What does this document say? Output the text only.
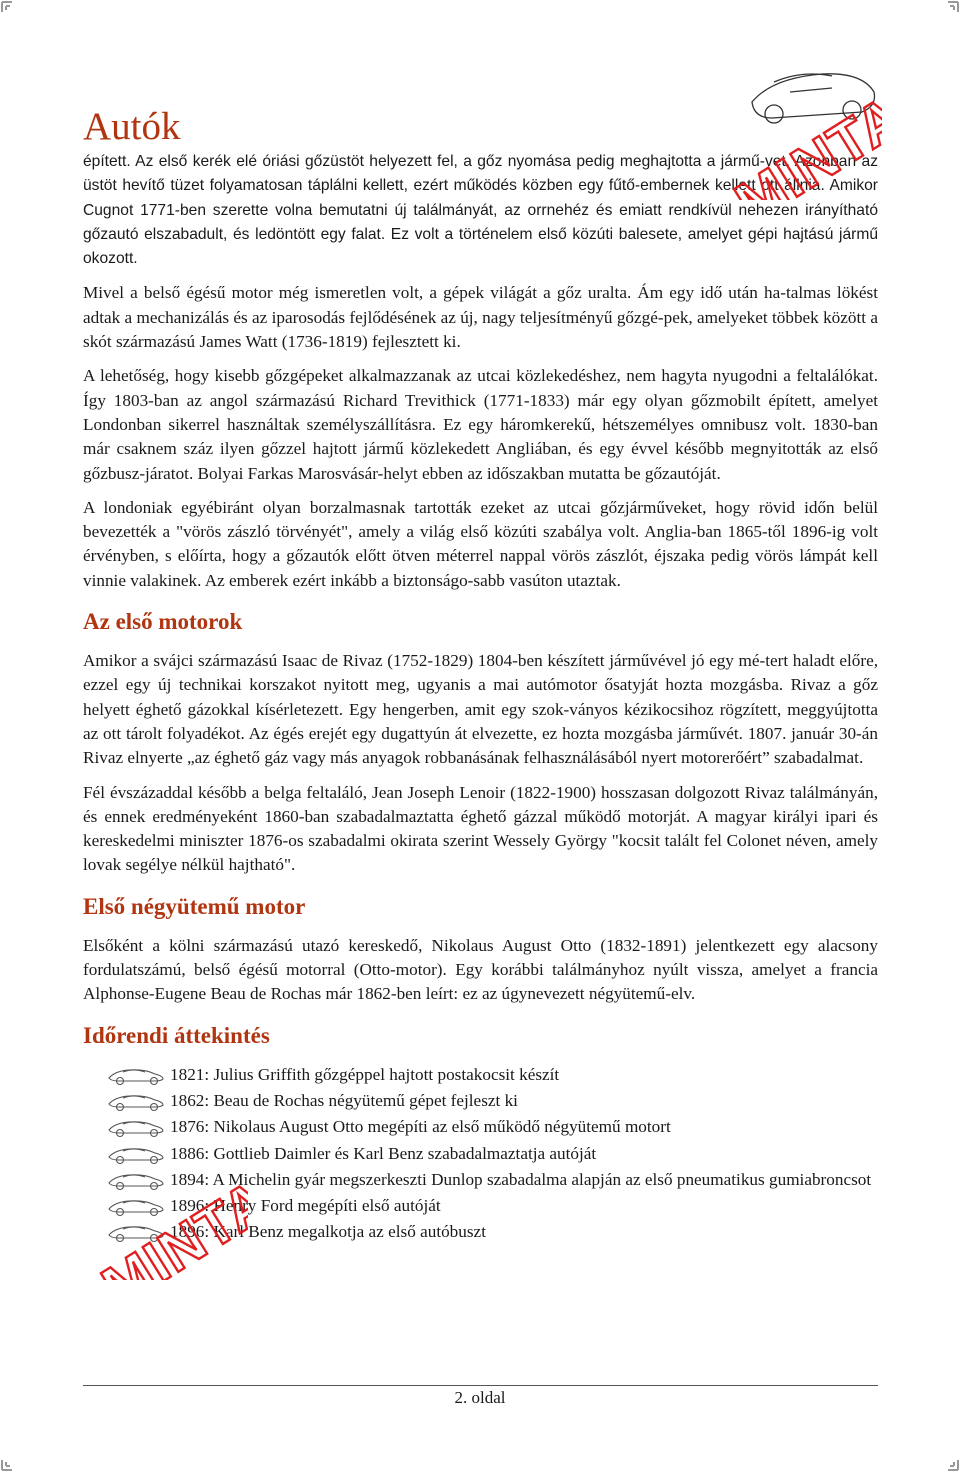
Autók

épített. Az első kerék elé óriási gőzüstöt helyezett fel, a gőz nyomása pedig meghajtotta a jármű-vet. Azonban az üstöt hevítő tüzet folyamatosan táplálni kellett, ezért működés közben egy fűtő-embernek kellett ott állnia. Amikor Cugnot 1771-ben szerette volna bemutatni új találmányát, az orrnehéz és emiatt rendkívül nehezen irányítható gőzautó elszabadult, és ledöntött egy falat. Ez volt a történelem első közúti balesete, amelyet gépi hajtású jármű okozott.

Mivel a belső égésű motor még ismeretlen volt, a gépek világát a gőz uralta. Ám egy idő után ha-talmas lökést adtak a mechanizálás és az iparosodás fejlődésének az új, nagy teljesítményű gőzgé-pek, amelyeket többek között a skót származású James Watt (1736-1819) fejlesztett ki.

A lehetőség, hogy kisebb gőzgépeket alkalmazzanak az utcai közlekedéshez, nem hagyta nyugodni a feltalálókat. Így 1803-ban az angol származású Richard Trevithick (1771-1833) már egy olyan gőzmobilt épített, amelyet Londonban sikerrel használtak személyszállításra. Ez egy háromkerekű, hétszemélyes omnibusz volt. 1830-ban már csaknem száz ilyen gőzzel hajtott jármű közlekedett Angliában, és egy évvel később megnyitották az első gőzbusz-járatot. Bolyai Farkas Marosvásár-helyt ebben az időszakban mutatta be gőzautóját.

A londoniak egyébiránt olyan borzalmasnak tartották ezeket az utcai gőzjárműveket, hogy rövid időn belül bevezették a "vörös zászló törvényét", amely a világ első közúti szabálya volt. Anglia-ban 1865-től 1896-ig volt érvényben, s előírta, hogy a gőzautók előtt ötven méterrel nappal vörös zászlót, éjszaka pedig vörös lámpát kell vinnie valakinek. Az emberek ezért inkább a biztonságo-sabb vasúton utaztak.

Az első motorok

Amikor a svájci származású Isaac de Rivaz (1752-1829) 1804-ben készített járművével jó egy mé-tert haladt előre, ezzel egy új technikai korszakot nyitott meg, ugyanis a mai autómotor ősatyját hozta mozgásba. Rivaz a gőz helyett éghető gázokkal kísérletezett. Egy hengerben, amit egy szok-ványos kézikocsihoz rögzített, meggyújtotta az ott tárolt folyadékot. Az égés erejét egy dugattyún át elvezette, ez hozta mozgásba járművét. 1807. január 30-án Rivaz elnyerte „az éghető gáz vagy más anyagok robbanásának felhasználásából nyert motorerőért” szabadalmat.

Fél évszázaddal később a belga feltaláló, Jean Joseph Lenoir (1822-1900) hosszasan dolgozott Rivaz találmányán, és ennek eredményeként 1860-ban szabadalmaztatta éghető gázzal működő motorját. A magyar királyi ipari és kereskedelmi miniszter 1876-os szabadalmi okirata szerint Wessely György "kocsit talált fel Colonet néven, amely lovak segélye nélkül hajtható".

Első négyütemű motor

Elsőként a kölni származású utazó kereskedő, Nikolaus August Otto (1832-1891) jelentkezett egy alacsony fordulatszámú, belső égésű motorral (Otto-motor). Egy korábbi találmányhoz nyúlt vissza, amelyet a francia Alphonse-Eugene Beau de Rochas már 1862-ben leírt: ez az úgynevezett négyütemű-elv.

Időrendi áttekintés
1821: Julius Griffith gőzgéppel hajtott postakocsit készít
1862: Beau de Rochas négyütemű gépet fejleszt ki
1876: Nikolaus August Otto megépíti az első működő négyütemű motort
1886: Gottlieb Daimler és Karl Benz szabadalmaztatja autóját
1894: A Michelin gyár megszerkeszti Dunlop szabadalma alapján az első pneumatikus gumiabroncsot
1896: Henry Ford megépíti első autóját
1896: Karl Benz megalkotja az első autóbuszt
MINTA
MINTA
2. oldal
